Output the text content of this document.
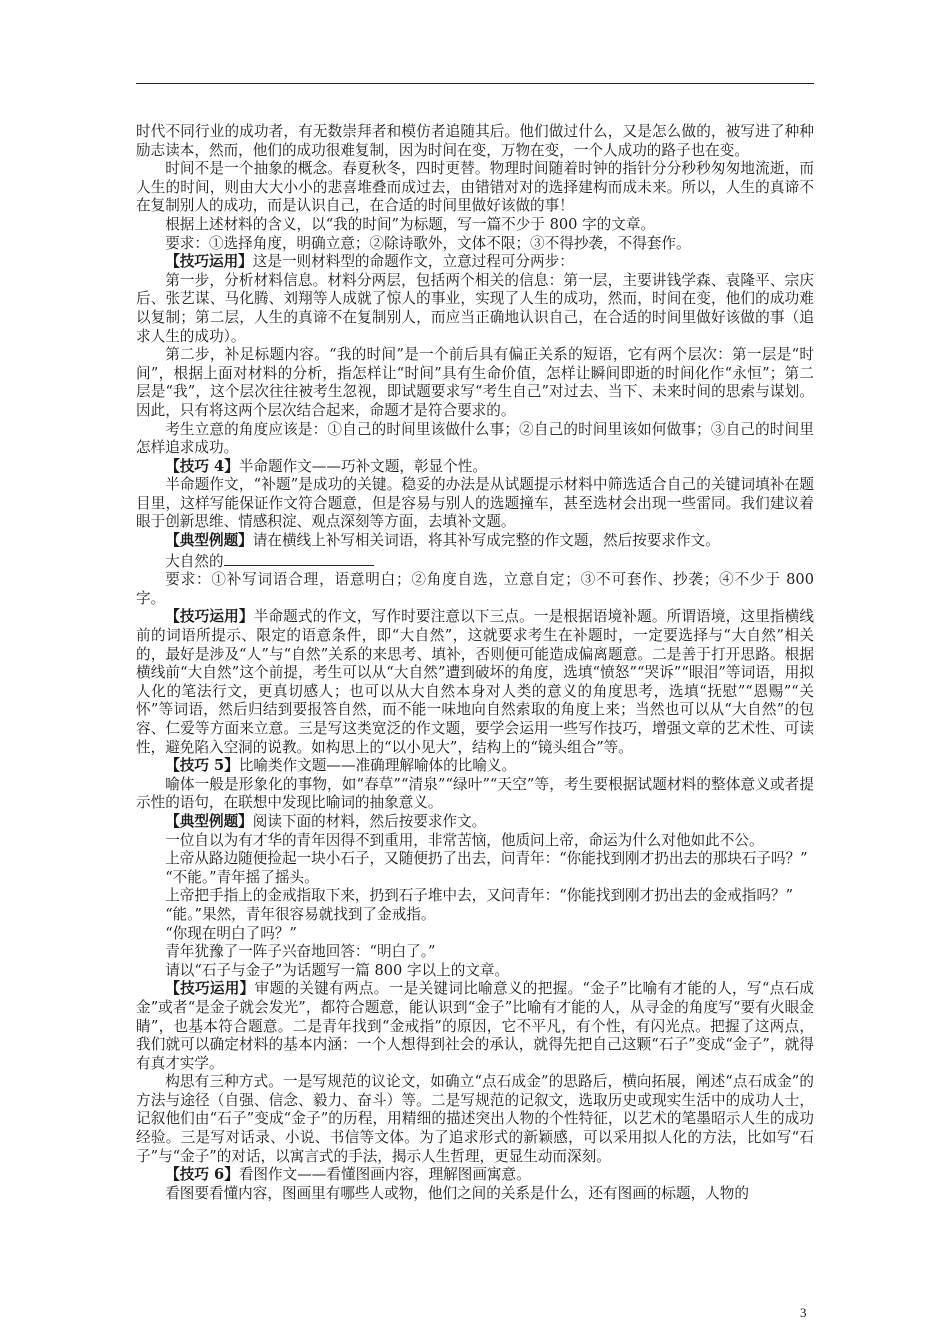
时代不同行业的成功者，有无数崇拜者和模仿者追随其后。他们做过什么，又是怎么做的，被写进了种种励志读本，然而，他们的成功很难复制，因为时间在变，万物在变，一个人成功的路子也在变。

时间不是一个抽象的概念。春夏秋冬，四时更替。物理时间随着时钟的指针分分秒秒匆匆地流逝，而人生的时间，则由大大小小的悲喜堆叠而成过去，由错错对对的选择建构而成未来。所以，人生的真谛不在复制别人的成功，而是认识自己，在合适的时间里做好该做的事！

根据上述材料的含义，以“我的时间”为标题，写一篇不少于 800 字的文章。

要求：①选择角度，明确立意；②除诗歌外，文体不限；③不得抄袭，不得套作。

【技巧运用】这是一则材料型的命题作文，立意过程可分两步：

第一步，分析材料信息。材料分两层，包括两个相关的信息：第一层，主要讲钱学森、袁隆平、宗庆后、张艺谋、马化腾、刘翔等人成就了惊人的事业，实现了人生的成功，然而，时间在变，他们的成功难以复制；第二层，人生的真谛不在复制别人，而应当正确地认识自己，在合适的时间里做好该做的事（追求人生的成功）。

第二步，补足标题内容。“我的时间”是一个前后具有偏正关系的短语，它有两个层次：第一层是“时间”，根据上面对材料的分析，指怎样让“时间”具有生命价值，怎样让瞬间即逝的时间化作“永恒”；第二层是“我”，这个层次往往被考生忽视，即试题要求写“考生自己”对过去、当下、未来时间的思索与谋划。因此，只有将这两个层次结合起来，命题才是符合要求的。

考生立意的角度应该是：①自己的时间里该做什么事；②自己的时间里该如何做事；③自己的时间里怎样追求成功。

【技巧 4】半命题作文——巧补文题，彰显个性。

半命题作文，“补题”是成功的关键。稳妥的办法是从试题提示材料中筛选适合自己的关键词填补在题目里，这样写能保证作文符合题意，但是容易与别人的选题撞车，甚至选材会出现一些雷同。我们建议着眼于创新思维、情感积淀、观点深刻等方面，去填补文题。

【典型例题】请在横线上补写相关词语，将其补写成完整的作文题，然后按要求作文。

大自然的

要求：①补写词语合理，语意明白；②角度自选，立意自定；③不可套作、抄袭；④不少于 800 字。

【技巧运用】半命题式的作文，写作时要注意以下三点。一是根据语境补题。所谓语境，这里指横线前的词语所提示、限定的语意条件，即“大自然”，这就要求考生在补题时，一定要选择与“大自然”相关的，最好是涉及“人”与“自然”关系的来思考、填补，否则便可能造成偏离题意。二是善于打开思路。根据横线前“大自然”这个前提，考生可以从“大自然”遭到破坏的角度，选填“愤怒”“哭诉”“眼泪”等词语，用拟人化的笔法行文，更真切感人；也可以从大自然本身对人类的意义的角度思考，选填“抚慰”“恩赐”“关怀”等词语，然后归结到要报答自然，而不能一味地向自然索取的角度上来；当然也可以从“大自然”的包容、仁爱等方面来立意。三是写这类宽泛的作文题，要学会运用一些写作技巧，增强文章的艺术性、可读性，避免陷入空洞的说教。如构思上的“以小见大”，结构上的“镜头组合”等。

【技巧 5】比喻类作文题——准确理解喻体的比喻义。

喻体一般是形象化的事物，如“春草”“清泉”“绿叶”“天空”等，考生要根据试题材料的整体意义或者提示性的语句，在联想中发现比喻词的抽象意义。

【典型例题】阅读下面的材料，然后按要求作文。

一位自以为有才华的青年因得不到重用，非常苦恼，他质问上帝，命运为什么对他如此不公。

上帝从路边随便捡起一块小石子，又随便扔了出去，问青年：“你能找到刚才扔出去的那块石子吗？”

“不能。”青年摇了摇头。

上帝把手指上的金戒指取下来，扔到石子堆中去，又问青年：“你能找到刚才扔出去的金戒指吗？”

“能。”果然，青年很容易就找到了金戒指。

“你现在明白了吗？”

青年犹豫了一阵子兴奋地回答：“明白了。”

请以“石子与金子”为话题写一篇 800 字以上的文章。

【技巧运用】审题的关键有两点。一是关键词比喻意义的把握。“金子”比喻有才能的人，写“点石成金”或者“是金子就会发光”，都符合题意，能认识到“金子”比喻有才能的人，从寻金的角度写“要有火眼金睛”，也基本符合题意。二是青年找到“金戒指”的原因，它不平凡，有个性，有闪光点。把握了这两点，我们就可以确定材料的基本内涵：一个人想得到社会的承认，就得先把自己这颗“石子”变成“金子”，就得有真才实学。

构思有三种方式。一是写规范的议论文，如确立“点石成金”的思路后，横向拓展，阐述“点石成金”的方法与途径（自强、信念、毅力、奋斗）等。二是写规范的记叙文，选取历史或现实生活中的成功人士，记叙他们由“石子”变成“金子”的历程，用精细的描述突出人物的个性特征，以艺术的笔墨昭示人生的成功经验。三是写对话录、小说、书信等文体。为了追求形式的新颖感，可以采用拟人化的方法，比如写“石子”与“金子”的对话，以寓言式的手法，揭示人生哲理，更显生动而深刻。

【技巧 6】看图作文——看懂图画内容，理解图画寓意。

看图要看懂内容，图画里有哪些人或物，他们之间的关系是什么，还有图画的标题，人物的

3
